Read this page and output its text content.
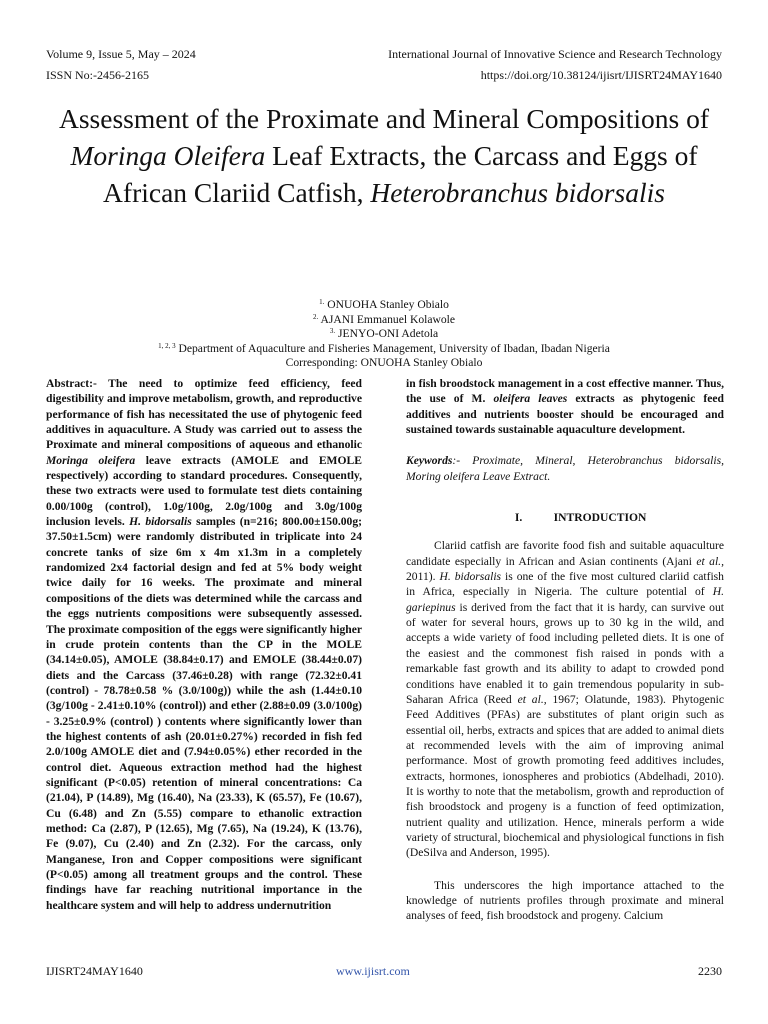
Volume 9, Issue 5, May – 2024	International Journal of Innovative Science and Research Technology
ISSN No:-2456-2165	https://doi.org/10.38124/ijisrt/IJISRT24MAY1640
Assessment of the Proximate and Mineral Compositions of Moringa Oleifera Leaf Extracts, the Carcass and Eggs of African Clariid Catfish, Heterobranchus bidorsalis
$^{1.}$ ONUOHA Stanley Obialo
$^{2.}$ AJANI Emmanuel Kolawole
$^{3.}$ JENYO-ONI Adetola
$^{1, 2, 3}$ Department of Aquaculture and Fisheries Management, University of Ibadan, Ibadan Nigeria
Corresponding: ONUOHA Stanley Obialo

Abstract:- The need to optimize feed efficiency, feed digestibility and improve metabolism, growth, and reproductive performance of fish has necessitated the use of phytogenic feed additives in aquaculture. A Study was carried out to assess the Proximate and mineral compositions of aqueous and ethanolic Moringa oleifera leave extracts (AMOLE and EMOLE respectively) according to standard procedures. Consequently, these two extracts were used to formulate test diets containing 0.00/100g (control), 1.0g/100g, 2.0g/100g and 3.0g/100g inclusion levels. H. bidorsalis samples (n=216; 800.00±150.00g; 37.50±1.5cm) were randomly distributed in triplicate into 24 concrete tanks of size 6m x 4m x1.3m in a completely randomized 2x4 factorial design and fed at 5% body weight twice daily for 16 weeks. The proximate and mineral compositions of the diets was determined while the carcass and the eggs nutrients compositions were subsequently assessed. The proximate composition of the eggs were significantly higher in crude protein contents than the CP in the MOLE (34.14±0.05), AMOLE (38.84±0.17) and EMOLE (38.44±0.07) diets and the Carcass (37.46±0.28) with range (72.32±0.41 (control) - 78.78±0.58 % (3.0/100g)) while the ash (1.44±0.10 (3g/100g - 2.41±0.10% (control)) and ether (2.88±0.09 (3.0/100g) - 3.25±0.9% (control) ) contents where significantly lower than the highest contents of ash (20.01±0.27%) recorded in fish fed 2.0/100g AMOLE diet and (7.94±0.05%) ether recorded in the control diet. Aqueous extraction method had the highest significant (P<0.05) retention of mineral concentrations: Ca (21.04), P (14.89), Mg (16.40), Na (23.33), K (65.57), Fe (10.67), Cu (6.48) and Zn (5.55) compare to ethanolic extraction method: Ca (2.87), P (12.65), Mg (7.65), Na (19.24), K (13.76), Fe (9.07), Cu (2.40) and Zn (2.32). For the carcass, only Manganese, Iron and Copper compositions were significant (P<0.05) among all treatment groups and the control. These findings have far reaching nutritional importance in the healthcare system and will help to address undernutrition

in fish broodstock management in a cost effective manner. Thus, the use of M. oleifera leaves extracts as phytogenic feed additives and nutrients booster should be encouraged and sustained towards sustainable aquaculture development.

Keywords:- Proximate, Mineral, Heterobranchus bidorsalis, Moring oleifera Leave Extract.

I.	INTRODUCTION

Clariid catfish are favorite food fish and suitable aquaculture candidate especially in African and Asian continents (Ajani et al., 2011). H. bidorsalis is one of the five most cultured clariid catfish in Africa, especially in Nigeria. The culture potential of H. gariepinus is derived from the fact that it is hardy, can survive out of water for several hours, grows up to 30 kg in the wild, and accepts a wide variety of food including pelleted diets. It is one of the easiest and the commonest fish raised in ponds with a remarkable fast growth and its ability to adapt to crowded pond conditions have enabled it to gain tremendous popularity in sub-Saharan Africa (Reed et al., 1967; Olatunde, 1983). Phytogenic Feed Additives (PFAs) are substitutes of plant origin such as essential oil, herbs, extracts and spices that are added to animal diets at recommended levels with the aim of improving animal performance. Most of growth promoting feed additives includes, extracts, hormones, ionospheres and probiotics (Abdelhadi, 2010). It is worthy to note that the metabolism, growth and reproduction of fish broodstock and progeny is a function of feed optimization, nutrient quality and utilization. Hence, minerals perform a wide variety of structural, biochemical and physiological functions in fish (DeSilva and Anderson, 1995).

This underscores the high importance attached to the knowledge of nutrients profiles through proximate and mineral analyses of feed, fish broodstock and progeny. Calcium

IJISRT24MAY1640	www.ijisrt.com	2230
